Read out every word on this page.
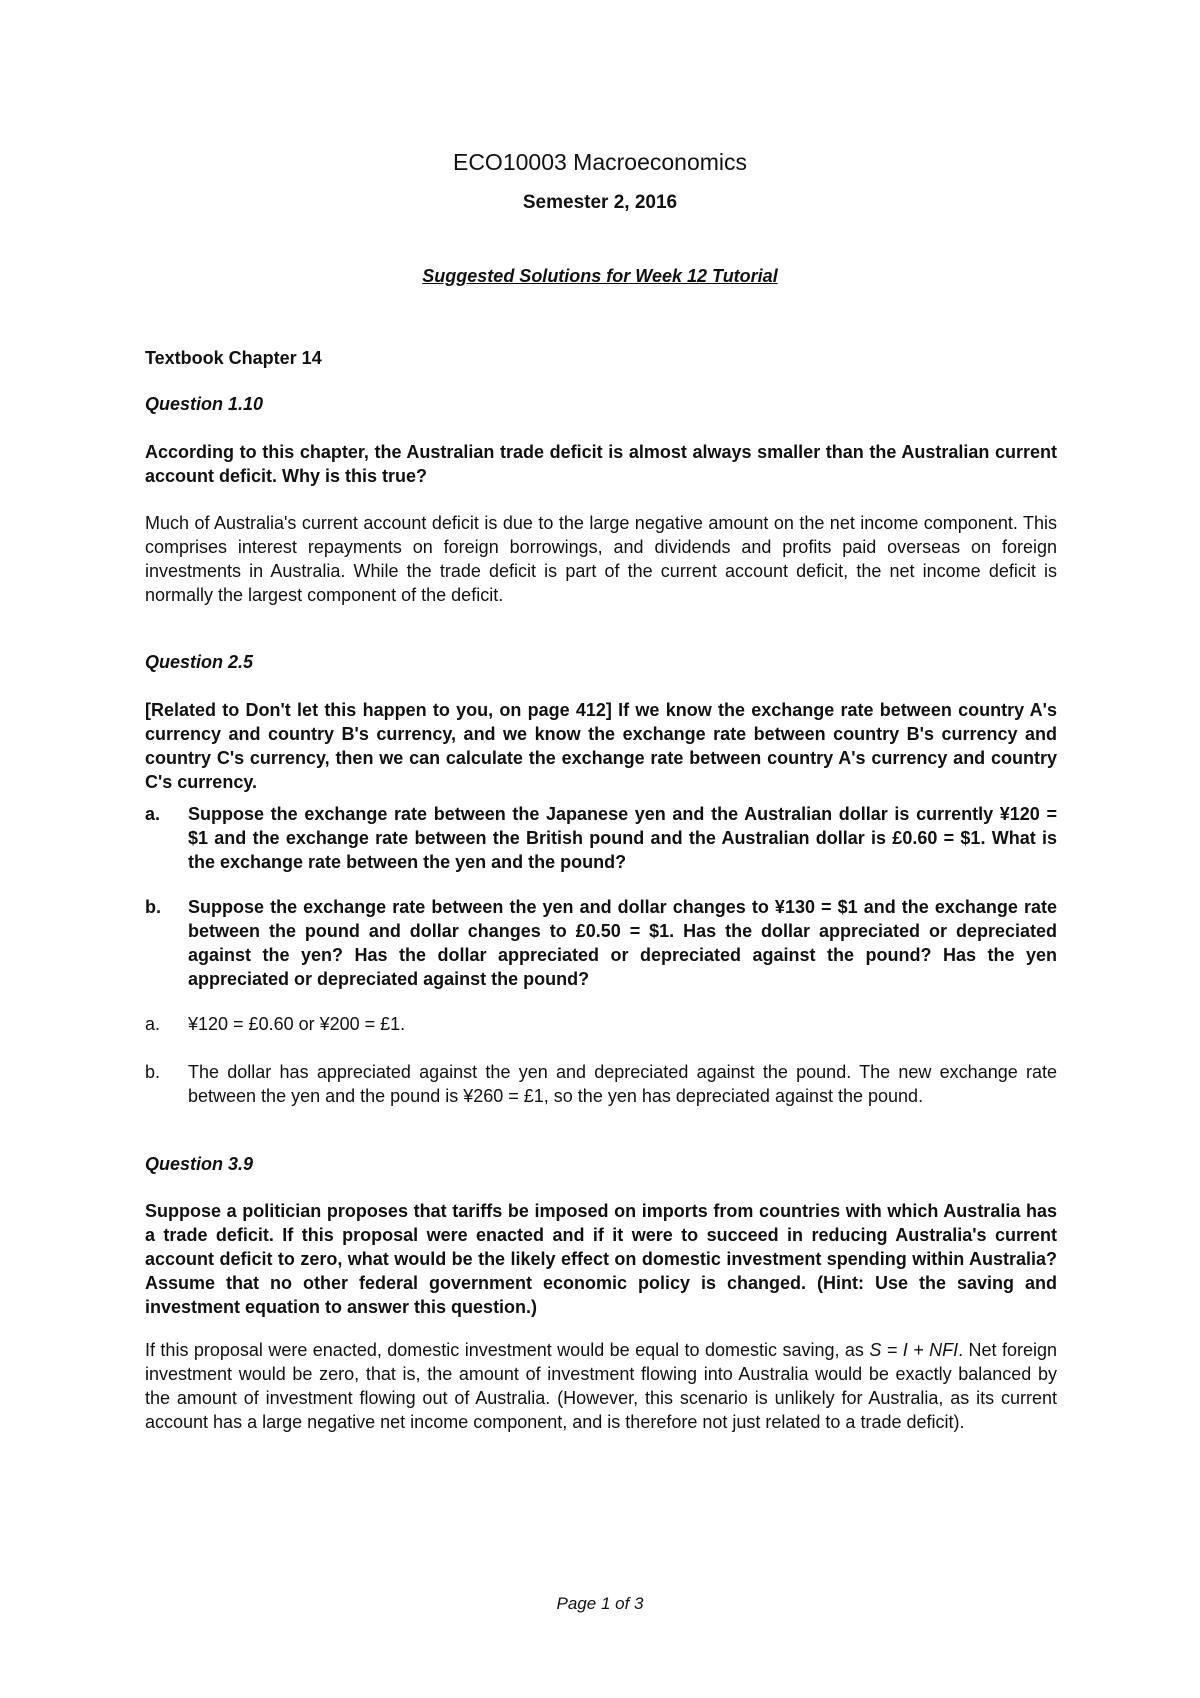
ECO10003 Macroeconomics
Semester 2, 2016
Suggested Solutions for Week 12 Tutorial
Textbook Chapter 14
Question 1.10
According to this chapter, the Australian trade deficit is almost always smaller than the Australian current account deficit. Why is this true?
Much of Australia's current account deficit is due to the large negative amount on the net income component. This comprises interest repayments on foreign borrowings, and dividends and profits paid overseas on foreign investments in Australia. While the trade deficit is part of the current account deficit, the net income deficit is normally the largest component of the deficit.
Question 2.5
[Related to Don't let this happen to you, on page 412] If we know the exchange rate between country A's currency and country B's currency, and we know the exchange rate between country B's currency and country C's currency, then we can calculate the exchange rate between country A's currency and country C's currency.
a.	Suppose the exchange rate between the Japanese yen and the Australian dollar is currently ¥120 = $1 and the exchange rate between the British pound and the Australian dollar is £0.60 = $1. What is the exchange rate between the yen and the pound?
b.	Suppose the exchange rate between the yen and dollar changes to ¥130 = $1 and the exchange rate between the pound and dollar changes to £0.50 = $1. Has the dollar appreciated or depreciated against the yen? Has the dollar appreciated or depreciated against the pound? Has the yen appreciated or depreciated against the pound?
a.	¥120 = £0.60 or ¥200 = £1.
b.	The dollar has appreciated against the yen and depreciated against the pound. The new exchange rate between the yen and the pound is ¥260 = £1, so the yen has depreciated against the pound.
Question 3.9
Suppose a politician proposes that tariffs be imposed on imports from countries with which Australia has a trade deficit. If this proposal were enacted and if it were to succeed in reducing Australia's current account deficit to zero, what would be the likely effect on domestic investment spending within Australia? Assume that no other federal government economic policy is changed. (Hint: Use the saving and investment equation to answer this question.)
If this proposal were enacted, domestic investment would be equal to domestic saving, as S = I + NFI. Net foreign investment would be zero, that is, the amount of investment flowing into Australia would be exactly balanced by the amount of investment flowing out of Australia. (However, this scenario is unlikely for Australia, as its current account has a large negative net income component, and is therefore not just related to a trade deficit).
Page 1 of 3
